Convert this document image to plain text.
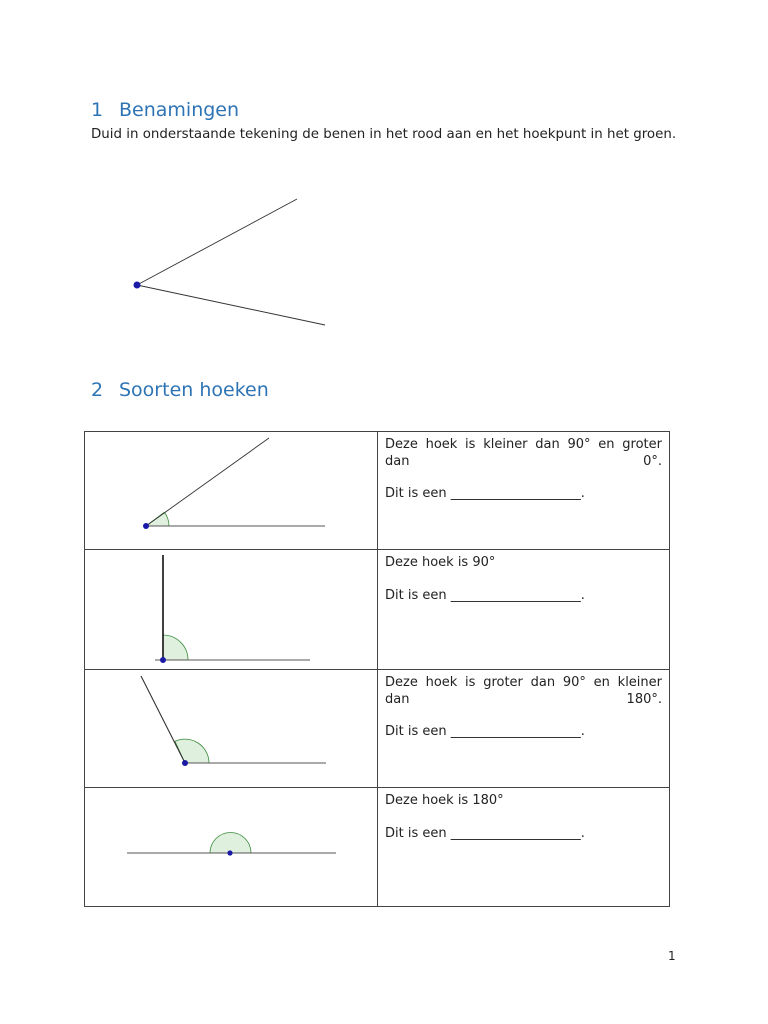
1 Benamingen

Duid in onderstaande tekening de benen in het rood aan en het hoekpunt in het groen.

2 Soorten hoeken

Deze hoek is kleiner dan 90° en groter dan 0°.
Dit is een ____________________.

Deze hoek is 90°
Dit is een ____________________.

Deze hoek is groter dan 90° en kleiner dan 180°.
Dit is een ____________________.

Deze hoek is 180°
Dit is een ____________________.
1
